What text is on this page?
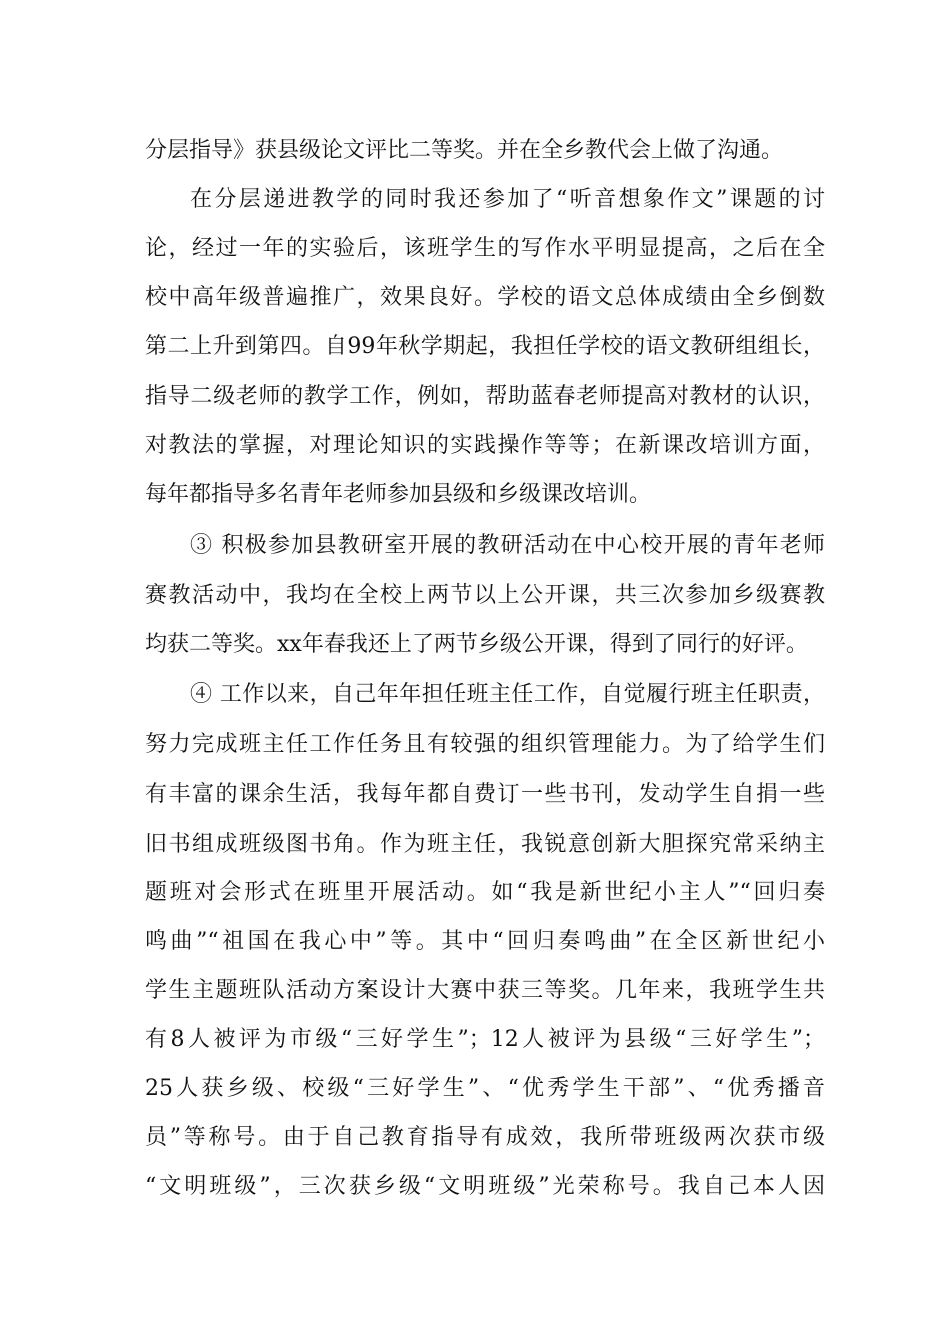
分层指导》获县级论文评比二等奖。并在全乡教代会上做了沟通。
在分层递进教学的同时我还参加了“听音想象作文”课题的讨
论，经过一年的实验后，该班学生的写作水平明显提高，之后在全
校中高年级普遍推广，效果良好。学校的语文总体成绩由全乡倒数
第二上升到第四。自99年秋学期起，我担任学校的语文教研组组长，
指导二级老师的教学工作，例如，帮助蓝春老师提高对教材的认识，
对教法的掌握，对理论知识的实践操作等等；在新课改培训方面，
每年都指导多名青年老师参加县级和乡级课改培训。
③ 积极参加县教研室开展的教研活动在中心校开展的青年老师
赛教活动中，我均在全校上两节以上公开课，共三次参加乡级赛教
均获二等奖。xx年春我还上了两节乡级公开课，得到了同行的好评。
④ 工作以来，自己年年担任班主任工作，自觉履行班主任职责，
努力完成班主任工作任务且有较强的组织管理能力。为了给学生们
有丰富的课余生活，我每年都自费订一些书刊，发动学生自捐一些
旧书组成班级图书角。作为班主任，我锐意创新大胆探究常采纳主
题班对会形式在班里开展活动。如“我是新世纪小主人”“回归奏
鸣曲”“祖国在我心中”等。其中“回归奏鸣曲”在全区新世纪小
学生主题班队活动方案设计大赛中获三等奖。几年来，我班学生共
有8人被评为市级“三好学生”；12人被评为县级“三好学生”；
25人获乡级、校级“三好学生”、“优秀学生干部”、“优秀播音
员”等称号。由于自己教育指导有成效，我所带班级两次获市级
“文明班级”，三次获乡级“文明班级”光荣称号。我自己本人因
